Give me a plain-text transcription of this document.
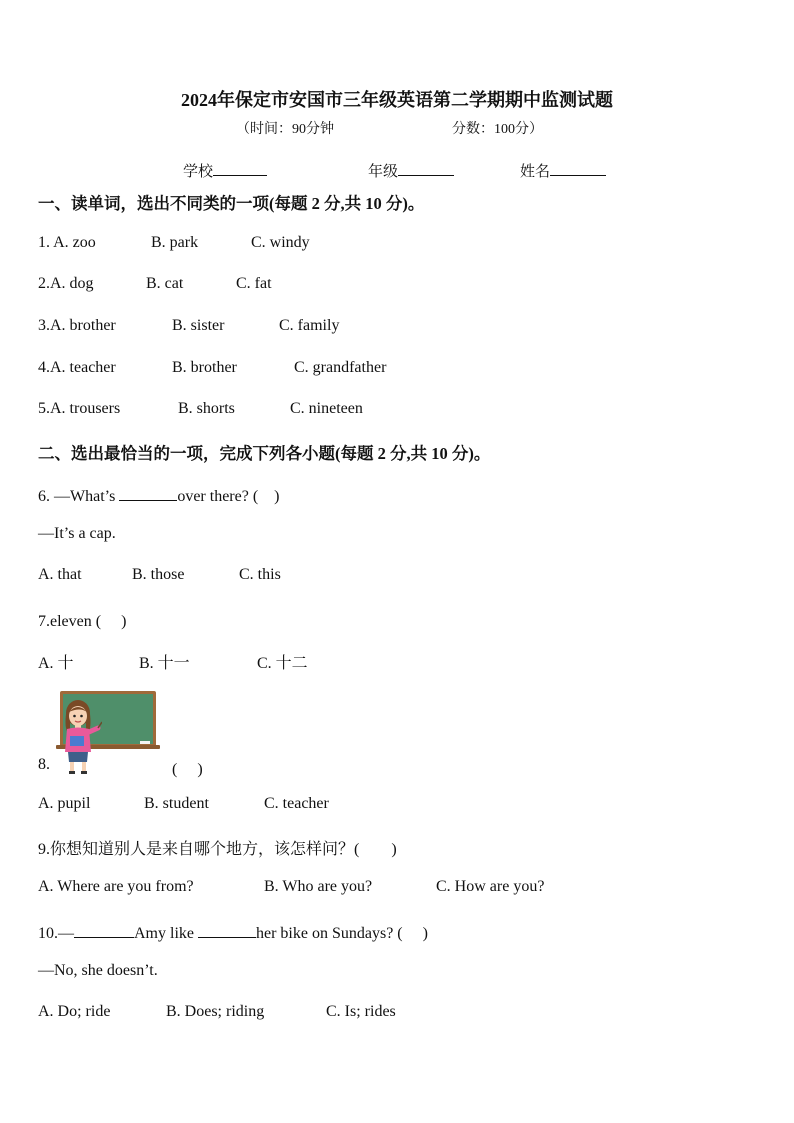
2024年保定市安国市三年级英语第二学期期中监测试题
（时间：90分钟	分数：100分）
学校	年级	姓名
一、读单词，选出不同类的一项(每题 2 分,共 10 分)。
1. A. zoo	B. park	C. windy
2.A. dog	B. cat	C. fat
3.A. brother	B. sister	C. family
4.A. teacher	B. brother	C. grandfather
5.A. trousers	B. shorts	C. nineteen
二、选出最恰当的一项，完成下列各小题(每题 2 分,共 10 分)。
6. —What’s	over there? (　)
—It’s a cap.
A. that	B. those	C. this
7.eleven (　 )
A. 十	B. 十一	C. 十二
8.	(　 )
A. pupil	B. student	C. teacher
9.你想知道别人是来自哪个地方，该怎样问？(　　)
A. Where are you from?	B. Who are you?	C. How are you?
10.—	Amy like	her bike on Sundays? (　 )
—No, she doesn’t.
A. Do; ride	B. Does; riding	C. Is; rides
